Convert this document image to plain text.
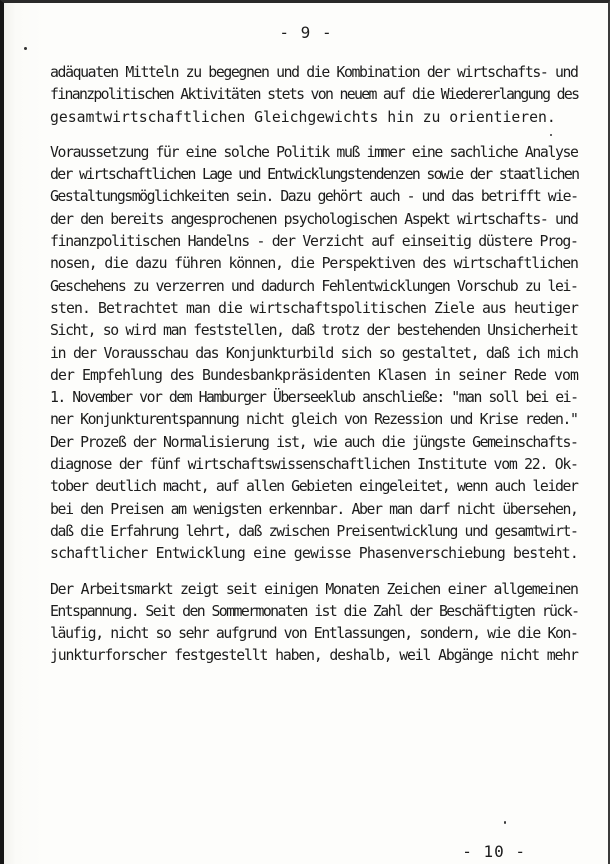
- 9 -

adäquaten Mitteln zu begegnen und die Kombination der wirtschafts- und
finanzpolitischen Aktivitäten stets von neuem auf die Wiedererlangung des
gesamtwirtschaftlichen Gleichgewichts hin zu orientieren.

Voraussetzung für eine solche Politik muß immer eine sachliche Analyse
der wirtschaftlichen Lage und Entwicklungstendenzen sowie der staatlichen
Gestaltungsmöglichkeiten sein. Dazu gehört auch - und das betrifft wie-
der den bereits angesprochenen psychologischen Aspekt wirtschafts- und
finanzpolitischen Handelns - der Verzicht auf einseitig düstere Prog-
nosen, die dazu führen können, die Perspektiven des wirtschaftlichen
Geschehens zu verzerren und dadurch Fehlentwicklungen Vorschub zu lei-
sten. Betrachtet man die wirtschaftspolitischen Ziele aus heutiger
Sicht, so wird man feststellen, daß trotz der bestehenden Unsicherheit
in der Vorausschau das Konjunkturbild sich so gestaltet, daß ich mich
der Empfehlung des Bundesbankpräsidenten Klasen in seiner Rede vom
1. November vor dem Hamburger Überseeklub anschließe: "man soll bei ei-
ner Konjunkturentspannung nicht gleich von Rezession und Krise reden."
Der Prozeß der Normalisierung ist, wie auch die jüngste Gemeinschafts-
diagnose der fünf wirtschaftswissenschaftlichen Institute vom 22. Ok-
tober deutlich macht, auf allen Gebieten eingeleitet, wenn auch leider
bei den Preisen am wenigsten erkennbar. Aber man darf nicht übersehen,
daß die Erfahrung lehrt, daß zwischen Preisentwicklung und gesamtwirt-
schaftlicher Entwicklung eine gewisse Phasenverschiebung besteht.

Der Arbeitsmarkt zeigt seit einigen Monaten Zeichen einer allgemeinen
Entspannung. Seit den Sommermonaten ist die Zahl der Beschäftigten rück-
läufig, nicht so sehr aufgrund von Entlassungen, sondern, wie die Kon-
junkturforscher festgestellt haben, deshalb, weil Abgänge nicht mehr

- 10 -
